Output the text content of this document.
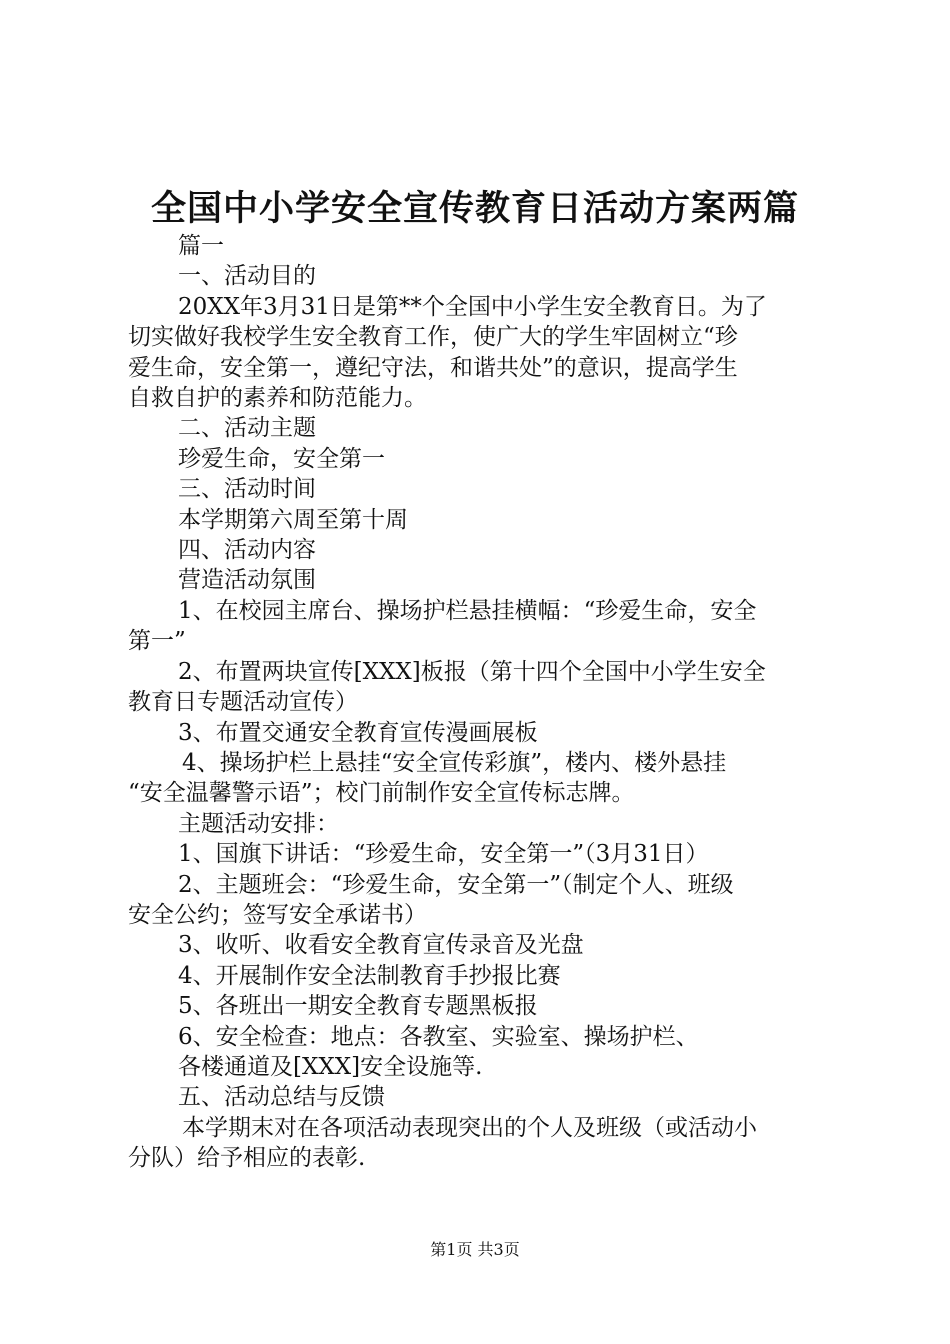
全国中小学安全宣传教育日活动方案两篇

篇一

一、活动目的

20XX年3月31日是第**个全国中小学生安全教育日。为了

切实做好我校学生安全教育工作，使广大的学生牢固树立“珍

爱生命，安全第一，遵纪守法，和谐共处”的意识，提高学生

自救自护的素养和防范能力。

二、活动主题

珍爱生命，安全第一

三、活动时间

本学期第六周至第十周

四、活动内容

营造活动氛围

1、在校园主席台、操场护栏悬挂横幅：“珍爱生命，安全

第一”

2、布置两块宣传[XXX]板报（第十四个全国中小学生安全

教育日专题活动宣传）

3、布置交通安全教育宣传漫画展板

4、操场护栏上悬挂“安全宣传彩旗”，楼内、楼外悬挂

“安全温馨警示语”；校门前制作安全宣传标志牌。

主题活动安排：

1、国旗下讲话：“珍爱生命，安全第一”（3月31日）

2、主题班会：“珍爱生命，安全第一”（制定个人、班级

安全公约；签写安全承诺书）

3、收听、收看安全教育宣传录音及光盘

4、开展制作安全法制教育手抄报比赛

5、各班出一期安全教育专题黑板报

6、安全检查：地点：各教室、实验室、操场护栏、

各楼通道及[XXX]安全设施等.

五、活动总结与反馈

本学期末对在各项活动表现突出的个人及班级（或活动小

分队）给予相应的表彰.

第1页 共3页
